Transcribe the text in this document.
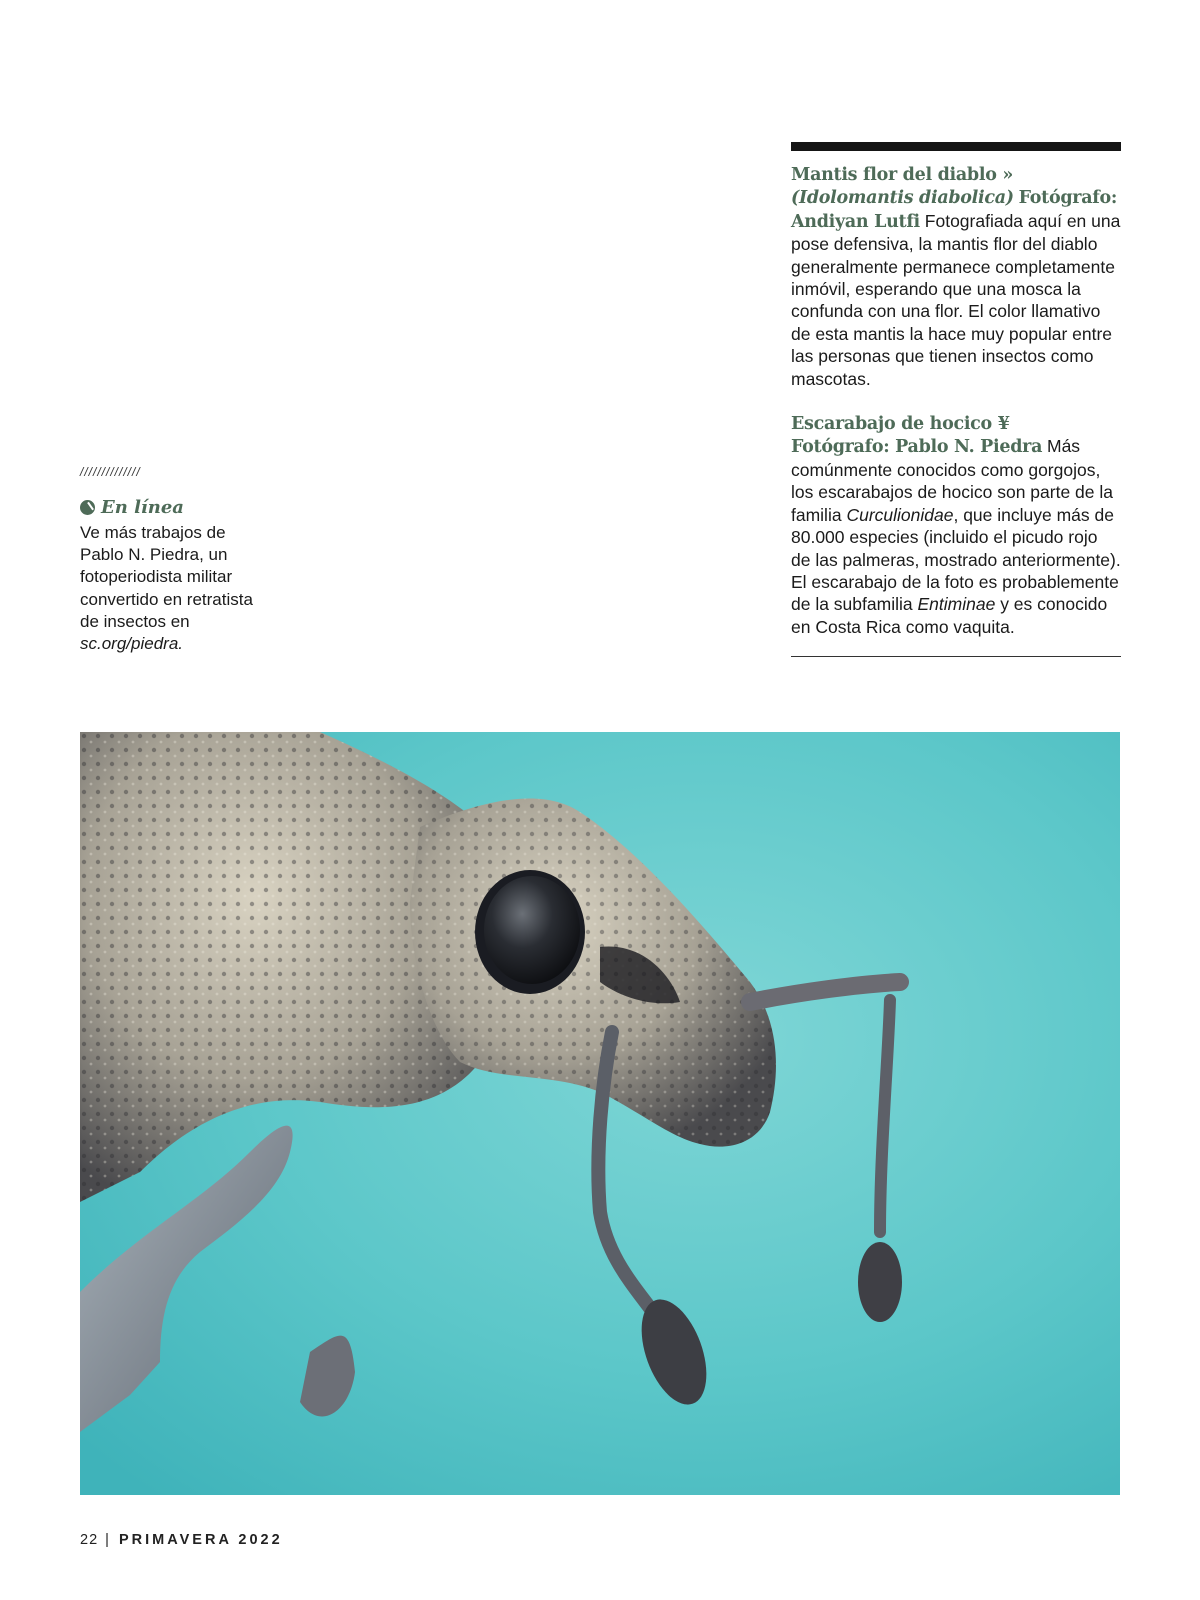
Mantis flor del diablo »
(Idolomantis diabolica) Fotógrafo: Andiyan Lutfi Fotografiada aquí en una pose defensiva, la mantis flor del diablo generalmente permanece completamente inmóvil, esperando que una mosca la confunda con una flor. El color llamativo de esta mantis la hace muy popular entre las personas que tienen insectos como mascotas.

Escarabajo de hocico ¥
Fotógrafo: Pablo N. Piedra Más comúnmente conocidos como gorgojos, los escarabajos de hocico son parte de la familia Curculionidae, que incluye más de 80.000 especies (incluido el picudo rojo de las palmeras, mostrado anteriormente). El escarabajo de la foto es probablemente de la subfamilia Entiminae y es conocido en Costa Rica como vaquita.

//////////////
En línea
Ve más trabajos de Pablo N. Piedra, un fotoperiodista militar convertido en retratista de insectos en sc.org/piedra.
22 | PRIMAVERA 2022
